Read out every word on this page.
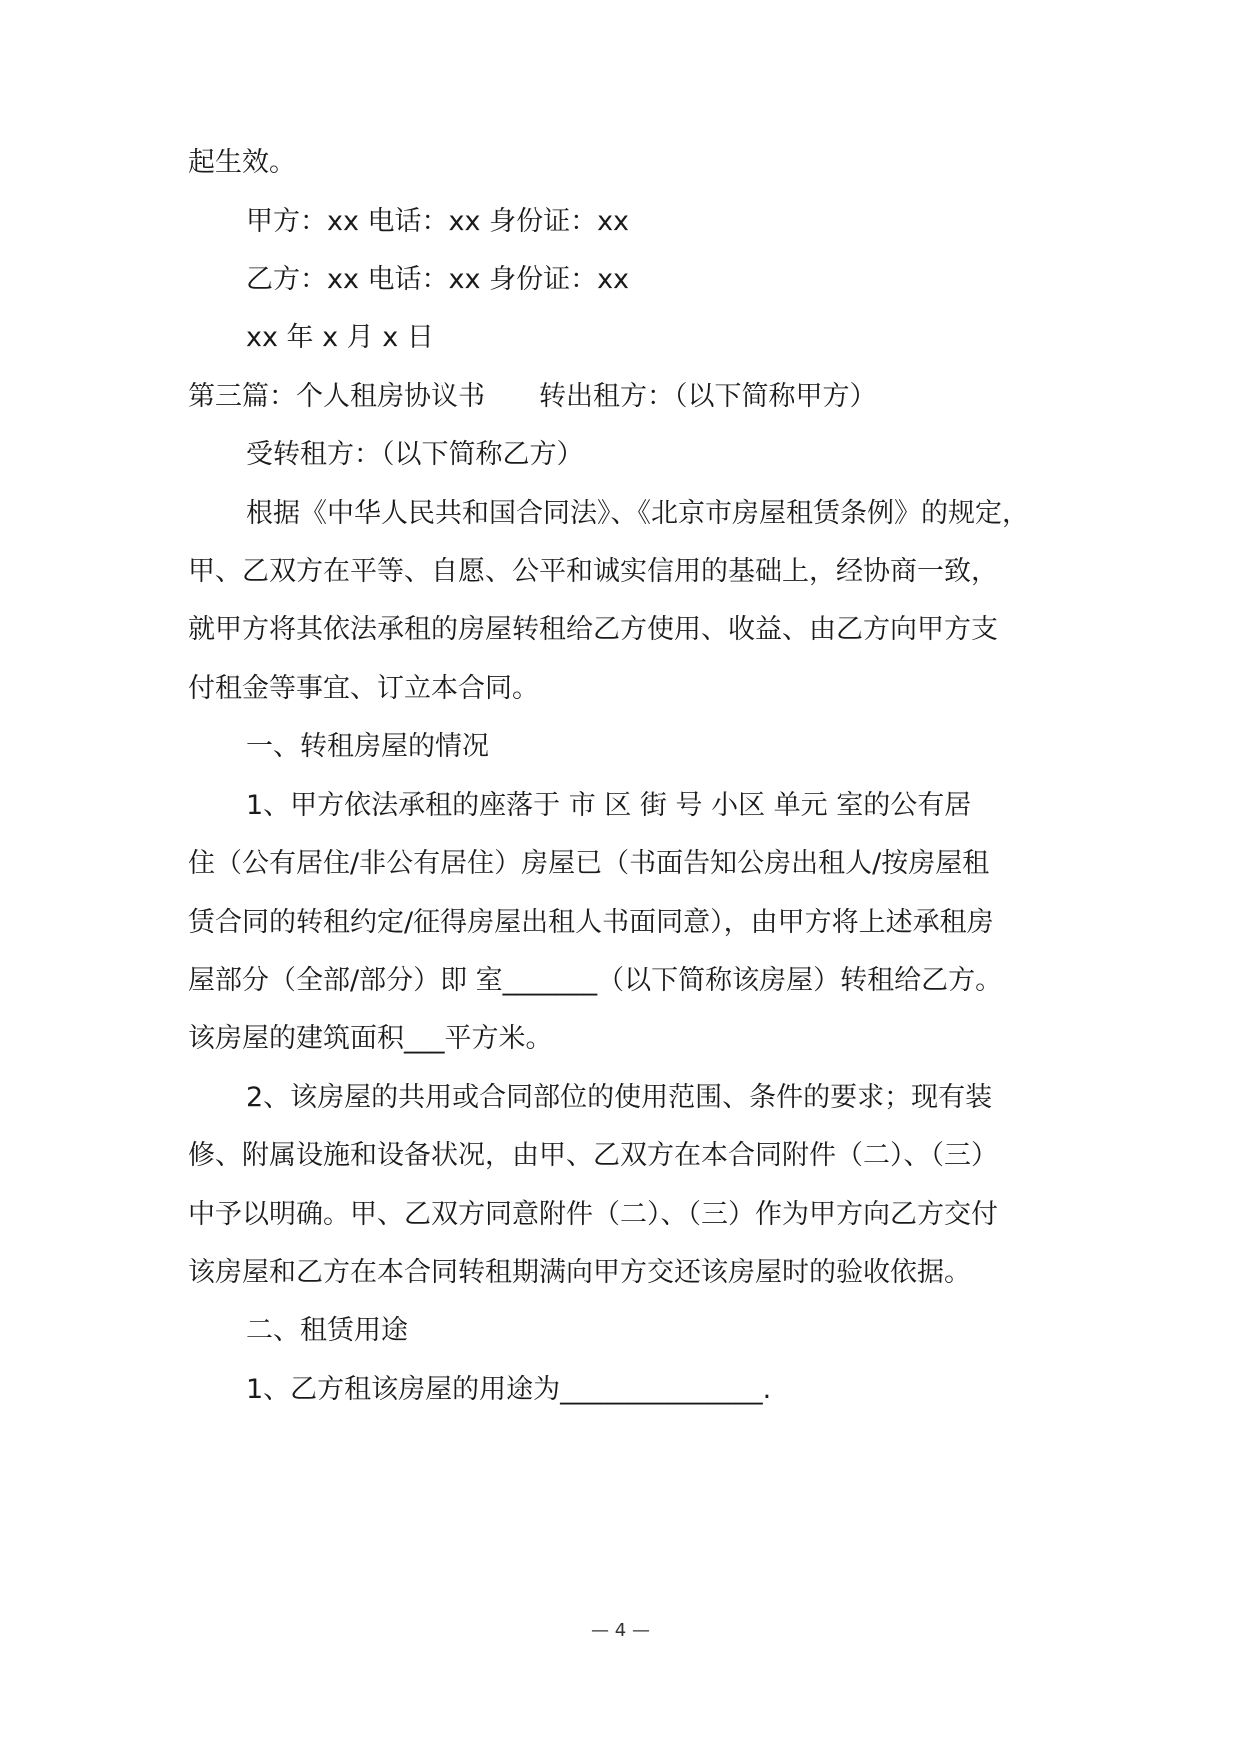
起生效。
甲方：xx 电话：xx 身份证：xx
乙方：xx 电话：xx 身份证：xx
xx 年 x 月 x 日
第三篇：个人租房协议书　　转出租方：（以下简称甲方）
受转租方：（以下简称乙方）
根据《中华人民共和国合同法》、《北京市房屋租赁条例》的规定，
甲、乙双方在平等、自愿、公平和诚实信用的基础上，经协商一致，
就甲方将其依法承租的房屋转租给乙方使用、收益、由乙方向甲方支
付租金等事宜、订立本合同。
一、转租房屋的情况
1、甲方依法承租的座落于 市 区 街 号 小区 单元 室的公有居
住（公有居住/非公有居住）房屋已（书面告知公房出租人/按房屋租
赁合同的转租约定/征得房屋出租人书面同意），由甲方将上述承租房
屋部分（全部/部分）即 室_______（以下简称该房屋）转租给乙方。
该房屋的建筑面积___平方米。
2、该房屋的共用或合同部位的使用范围、条件的要求；现有装
修、附属设施和设备状况，由甲、乙双方在本合同附件（二）、（三）
中予以明确。甲、乙双方同意附件（二）、（三）作为甲方向乙方交付
该房屋和乙方在本合同转租期满向甲方交还该房屋时的验收依据。
二、租赁用途
1、乙方租该房屋的用途为_______________.
— 4 —
